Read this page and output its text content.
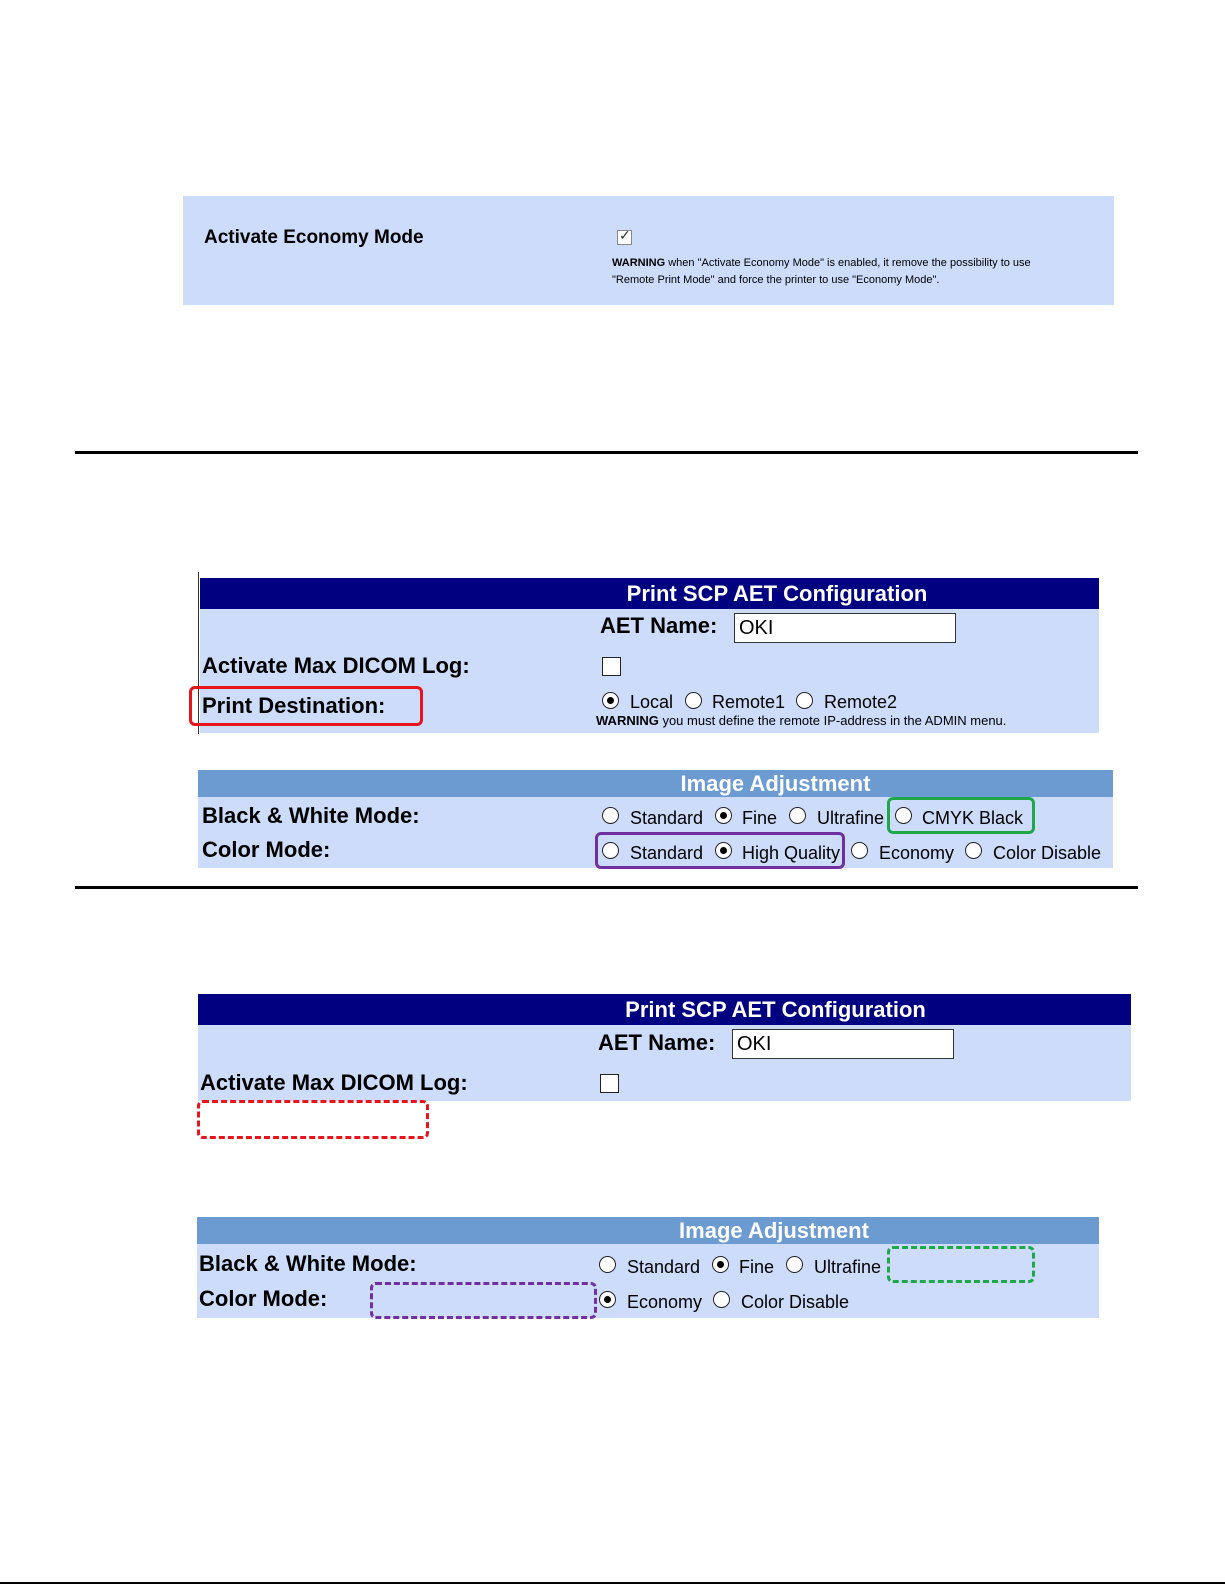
Activate Economy Mode	✓
WARNING when "Activate Economy Mode" is enabled, it remove the possibility to use
"Remote Print Mode" and force the printer to use "Economy Mode".
Print SCP AET Configuration
AET Name: OKI
Activate Max DICOM Log:
Print Destination:	Local Remote1 Remote2
WARNING you must define the remote IP-address in the ADMIN menu.
Image Adjustment
Black & White Mode:
Color Mode:
Standard Fine Ultrafine CMYK Black
Standard High Quality Economy Color Disable
Print SCP AET Configuration
AET Name: OKI
Activate Max DICOM Log:
Image Adjustment
Black & White Mode:
Color Mode:
Standard Fine Ultrafine
Economy Color Disable
